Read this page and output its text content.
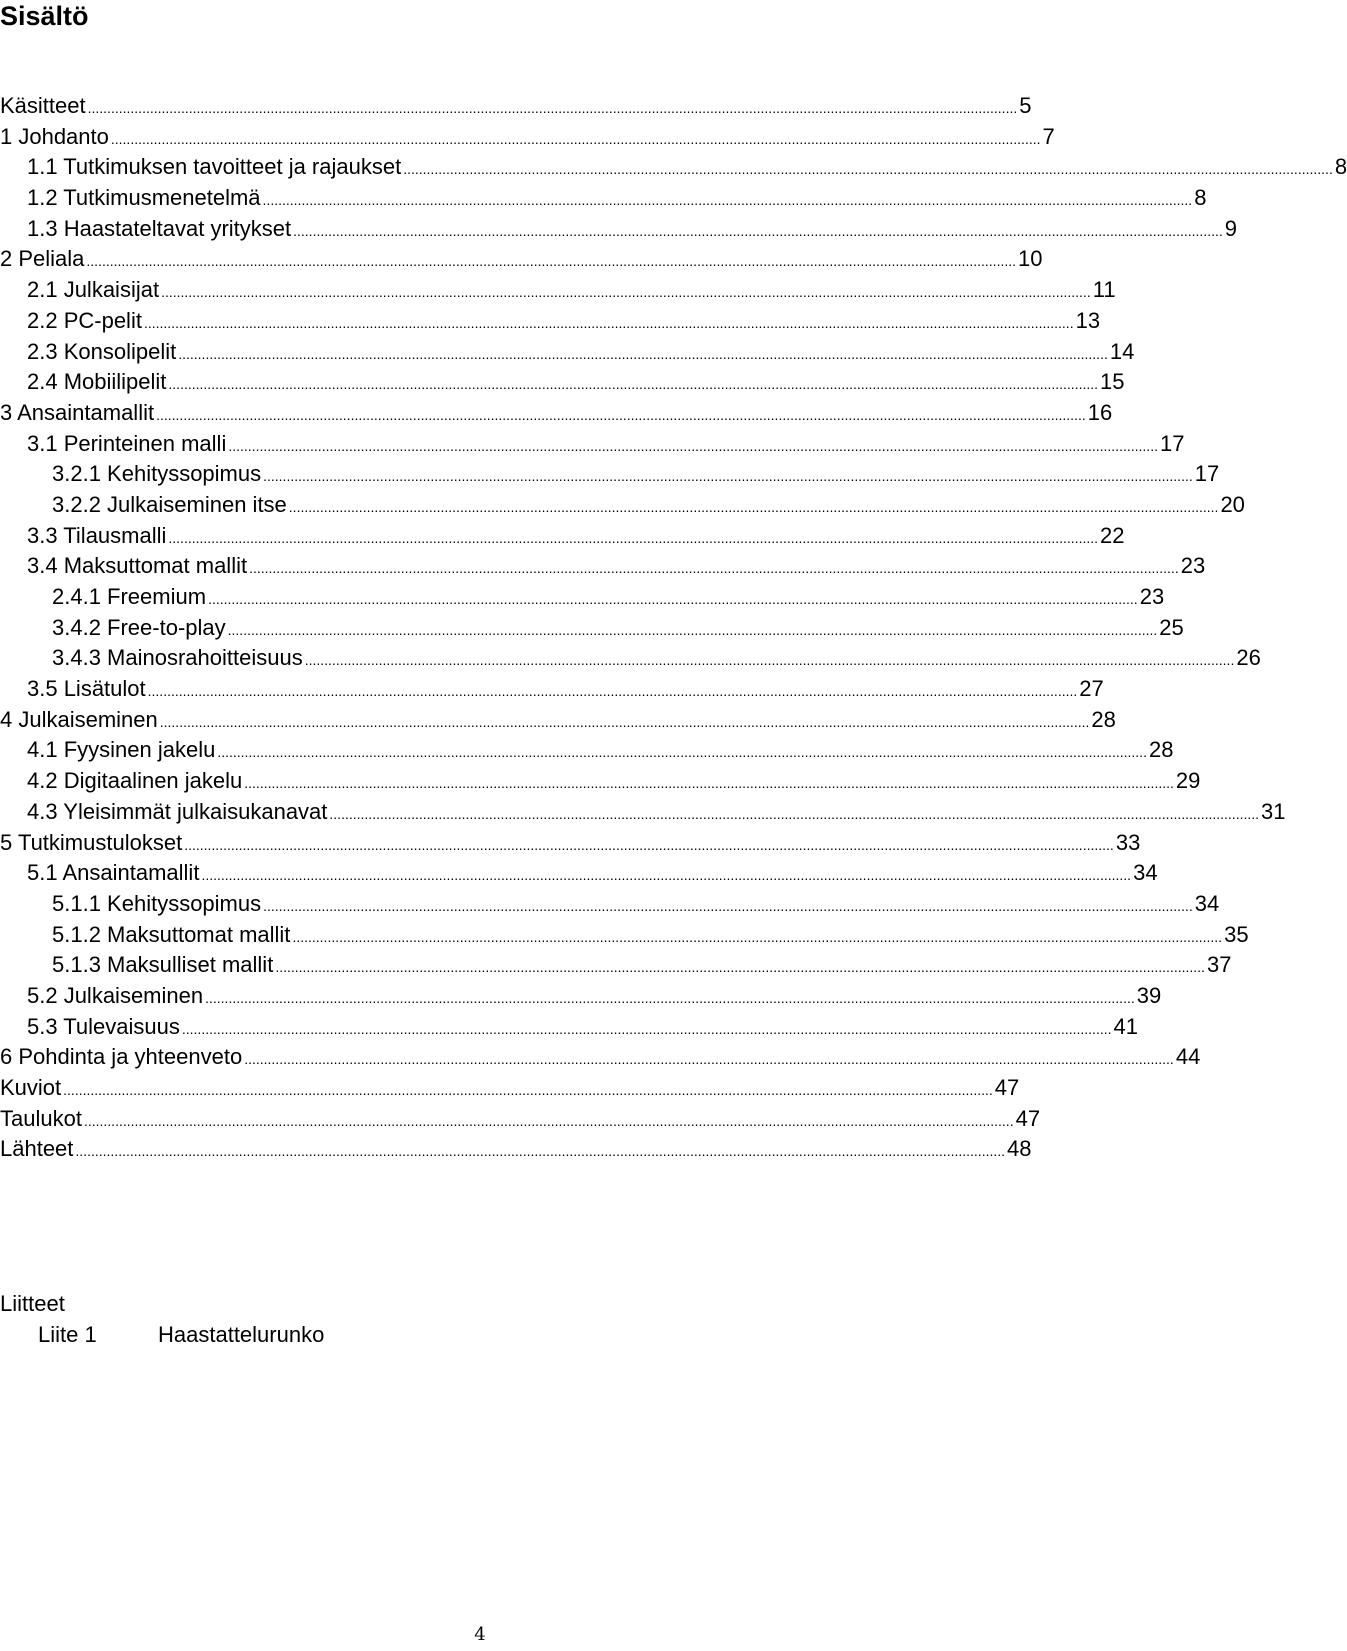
Sisältö
Käsitteet .....	5
1 Johdanto .....	7
1.1 Tutkimuksen tavoitteet ja rajaukset .....	8
1.2 Tutkimusmenetelmä .....	8
1.3 Haastateltavat yritykset .....	9
2 Peliala .....	10
2.1 Julkaisijat .....	11
2.2 PC-pelit .....	13
2.3 Konsolipelit .....	14
2.4 Mobiilipelit .....	15
3 Ansaintamallit .....	16
3.1 Perinteinen malli .....	17
3.2.1 Kehityssopimus .....	17
3.2.2 Julkaiseminen itse .....	20
3.3 Tilausmalli .....	22
3.4 Maksuttomat mallit .....	23
2.4.1 Freemium .....	23
3.4.2 Free-to-play .....	25
3.4.3 Mainosrahoitteisuus .....	26
3.5 Lisätulot .....	27
4 Julkaiseminen .....	28
4.1 Fyysinen jakelu .....	28
4.2 Digitaalinen jakelu .....	29
4.3 Yleisimmät julkaisukanavat .....	31
5 Tutkimustulokset .....	33
5.1 Ansaintamallit .....	34
5.1.1 Kehityssopimus .....	34
5.1.2 Maksuttomat mallit .....	35
5.1.3 Maksulliset mallit .....	37
5.2 Julkaiseminen .....	39
5.3 Tulevaisuus .....	41
6 Pohdinta ja yhteenveto .....	44
Kuviot .....	47
Taulukot .....	47
Lähteet .....	48
Liitteet
Liite 1	Haastattelurunko
4
